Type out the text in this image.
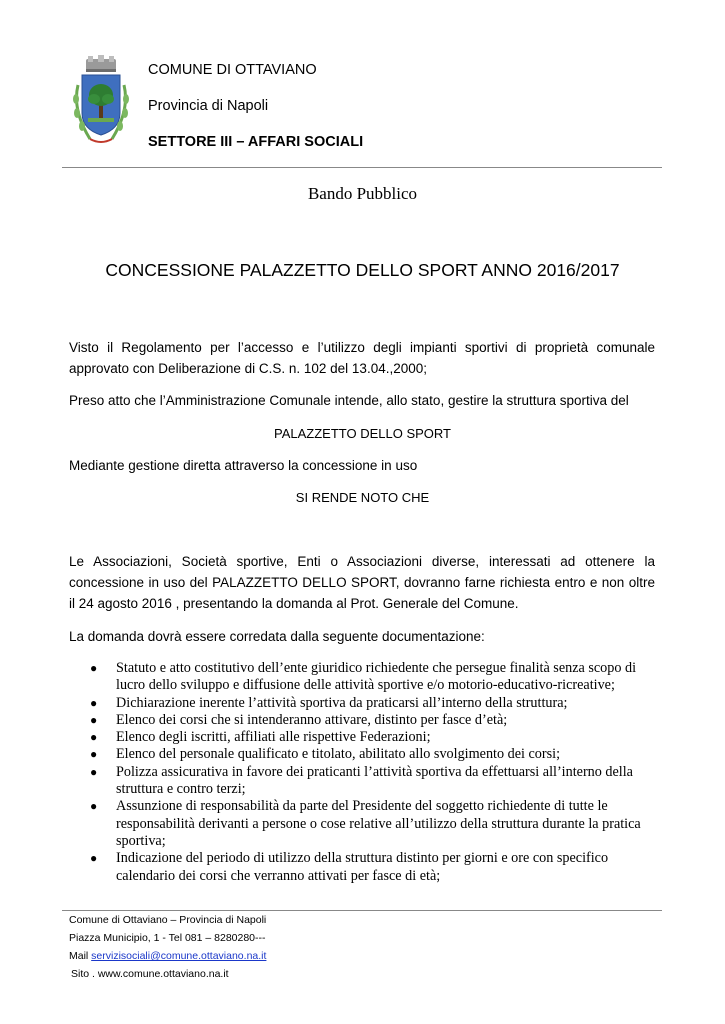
COMUNE DI OTTAVIANO
Provincia di Napoli
SETTORE III – AFFARI SOCIALI
Bando Pubblico
CONCESSIONE PALAZZETTO DELLO SPORT ANNO 2016/2017
Visto il Regolamento per l’accesso e l’utilizzo degli impianti sportivi di proprietà comunale approvato con Deliberazione di C.S. n. 102 del 13.04.,2000;
Preso atto che l’Amministrazione Comunale intende, allo stato, gestire la struttura sportiva del
PALAZZETTO DELLO SPORT
Mediante gestione diretta attraverso la concessione in uso
SI RENDE NOTO CHE
Le Associazioni, Società sportive, Enti o Associazioni diverse, interessati ad ottenere la concessione in uso del PALAZZETTO DELLO SPORT, dovranno farne richiesta entro e non oltre il 24 agosto 2016 , presentando la domanda al Prot. Generale del Comune.
La domanda dovrà essere corredata dalla seguente documentazione:
● Statuto e atto costitutivo dell’ente giuridico richiedente che persegue finalità senza scopo di lucro dello sviluppo e diffusione delle attività sportive e/o motorio-educativo-ricreative;
● Dichiarazione inerente l’attività sportiva da praticarsi all’interno della struttura;
● Elenco dei corsi che si intenderanno attivare, distinto per fasce d’età;
● Elenco degli iscritti, affiliati alle rispettive Federazioni;
● Elenco del personale qualificato e titolato, abilitato allo svolgimento dei corsi;
● Polizza assicurativa in favore dei praticanti l’attività sportiva da effettuarsi all’interno della struttura e contro terzi;
● Assunzione di responsabilità da parte del Presidente del soggetto richiedente di tutte le responsabilità derivanti a persone o cose relative all’utilizzo della struttura durante la pratica sportiva;
● Indicazione del periodo di utilizzo della struttura distinto per giorni e ore con specifico calendario dei corsi che verranno attivati per fasce di età;
Comune di Ottaviano – Provincia di Napoli
Piazza Municipio, 1 - Tel 081 – 8280280---
Mail servizisociali@comune.ottaviano.na.it
Sito . www.comune.ottaviano.na.it
